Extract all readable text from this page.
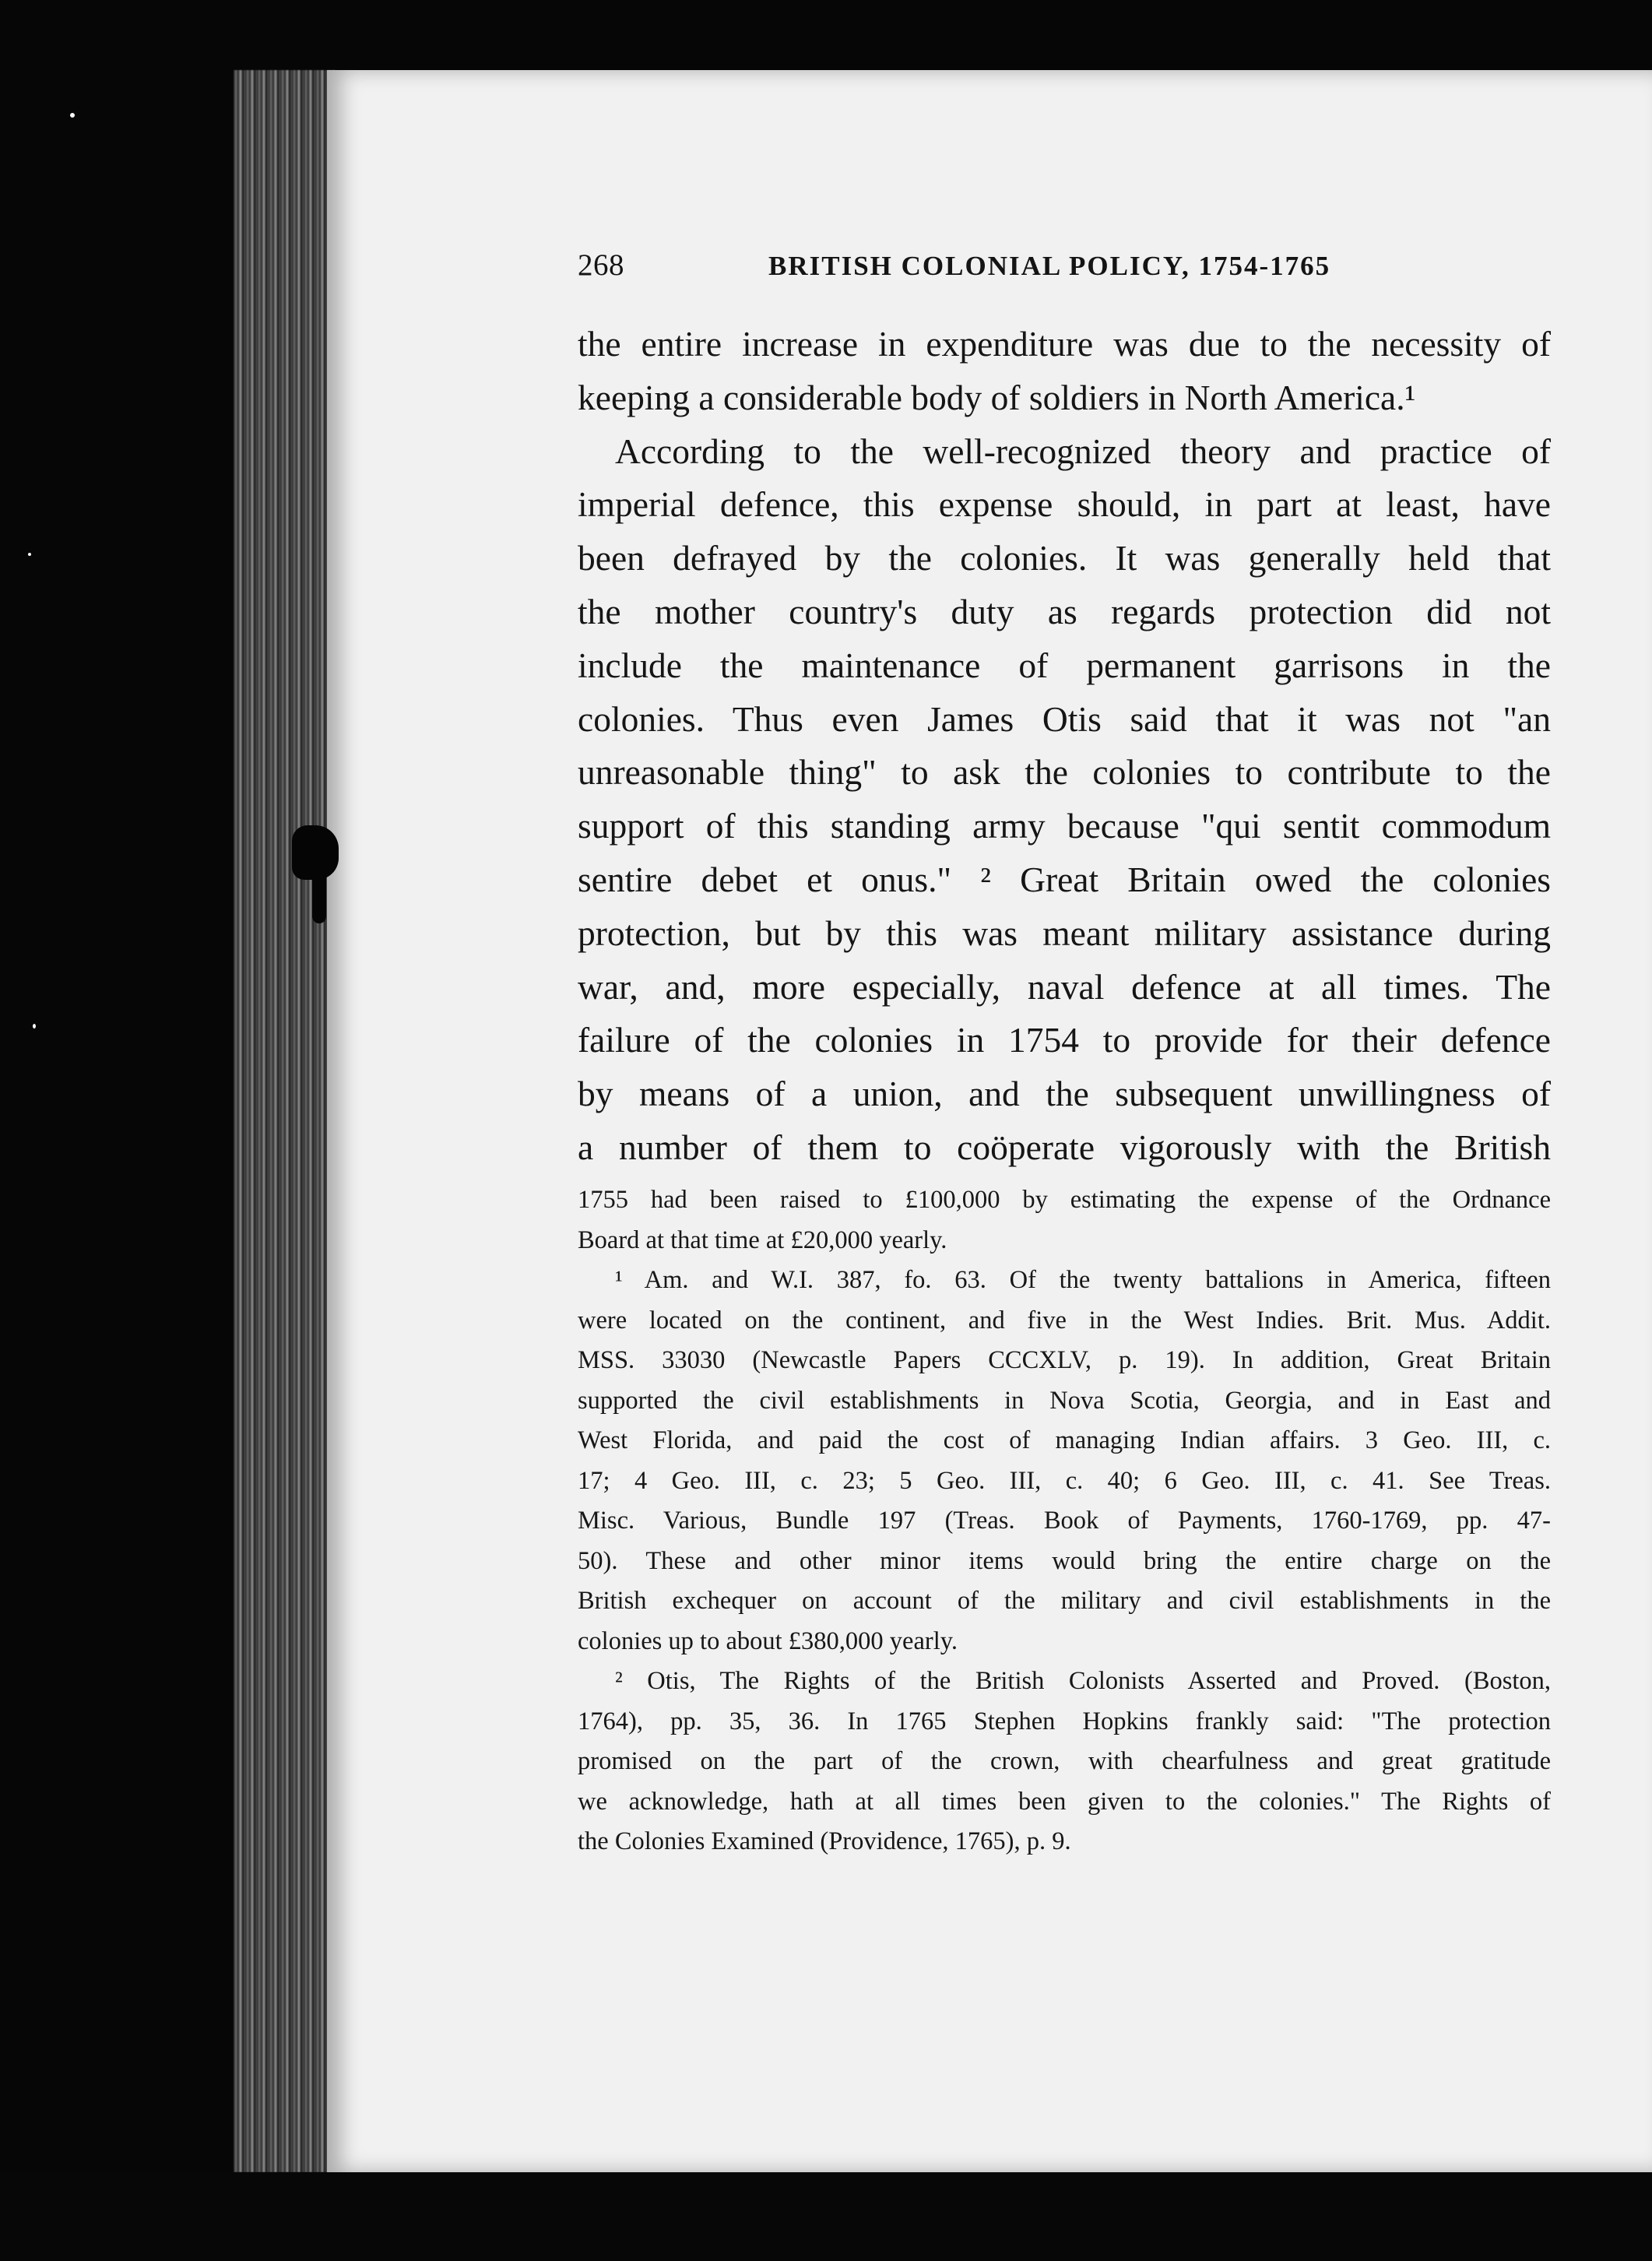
268	BRITISH COLONIAL POLICY, 1754-1765
the entire increase in expenditure was due to the necessity of
keeping a considerable body of soldiers in North America.¹
According to the well-recognized theory and practice of
imperial defence, this expense should, in part at least, have
been defrayed by the colonies. It was generally held that
the mother country's duty as regards protection did not
include the maintenance of permanent garrisons in the
colonies. Thus even James Otis said that it was not "an
unreasonable thing" to ask the colonies to contribute to the
support of this standing army because "qui sentit commodum
sentire debet et onus." ² Great Britain owed the colonies
protection, but by this was meant military assistance during
war, and, more especially, naval defence at all times. The
failure of the colonies in 1754 to provide for their defence
by means of a union, and the subsequent unwillingness of
a number of them to coöperate vigorously with the British
1755 had been raised to £100,000 by estimating the expense of the Ordnance
Board at that time at £20,000 yearly.
¹ Am. and W.I. 387, fo. 63. Of the twenty battalions in America, fifteen
were located on the continent, and five in the West Indies. Brit. Mus. Addit.
MSS. 33030 (Newcastle Papers CCCXLV, p. 19). In addition, Great Britain
supported the civil establishments in Nova Scotia, Georgia, and in East and
West Florida, and paid the cost of managing Indian affairs. 3 Geo. III, c.
17; 4 Geo. III, c. 23; 5 Geo. III, c. 40; 6 Geo. III, c. 41. See Treas.
Misc. Various, Bundle 197 (Treas. Book of Payments, 1760-1769, pp. 47-
50). These and other minor items would bring the entire charge on the
British exchequer on account of the military and civil establishments in the
colonies up to about £380,000 yearly.
² Otis, The Rights of the British Colonists Asserted and Proved. (Boston,
1764), pp. 35, 36. In 1765 Stephen Hopkins frankly said: "The protection
promised on the part of the crown, with chearfulness and great gratitude
we acknowledge, hath at all times been given to the colonies." The Rights of
the Colonies Examined (Providence, 1765), p. 9.
